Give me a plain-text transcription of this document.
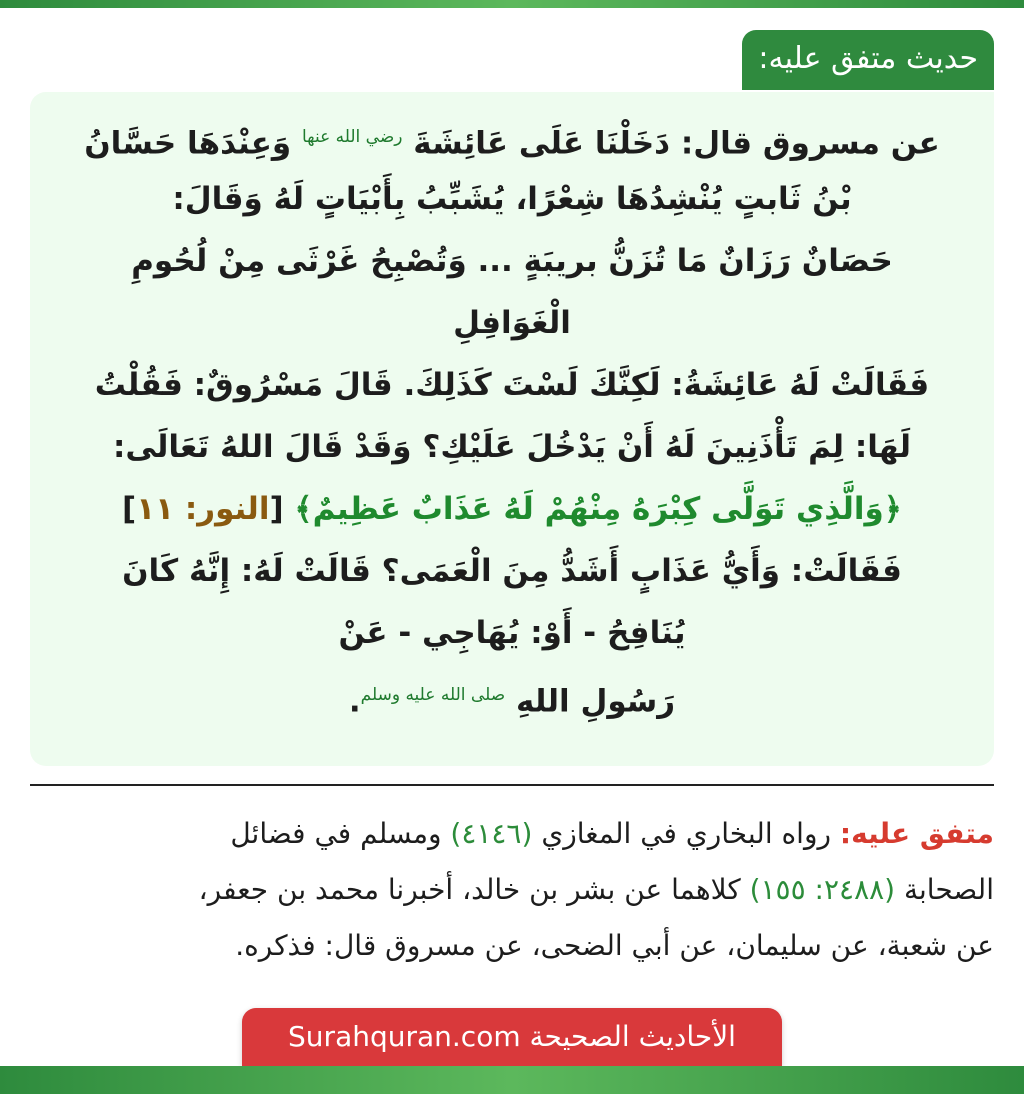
حديث متفق عليه:
عن مسروق قال: دَخَلْنَا عَلَى عَائِشَةَ $^{رضي الله عنها}$ وَعِنْدَهَا حَسَّانُ
بْنُ ثَابتٍ يُنْشِدُهَا شِعْرًا، يُشَبِّبُ بِأَبْيَاتٍ لَهُ وَقَالَ:
حَصَانٌ رَزَانٌ مَا تُزَنُّ بريبَةٍ ... وَتُصْبِحُ غَرْثَى مِنْ لُحُومِ
الْغَوَافِلِ
فَقَالَتْ لَهُ عَائِشَةُ: لَكِنَّكَ لَسْتَ كَذَلِكَ. قَالَ مَسْرُوقٌ: فَقُلْتُ
لَهَا: لِمَ تَأْذَنِينَ لَهُ أَنْ يَدْخُلَ عَلَيْكِ؟ وَقَدْ قَالَ اللهُ تَعَالَى:
﴿وَالَّذِي تَوَلَّى كِبْرَهُ مِنْهُمْ لَهُ عَذَابٌ عَظِيمٌ﴾ [النور: ١١]
فَقَالَتْ: وَأَيُّ عَذَابٍ أَشَدُّ مِنَ الْعَمَى؟ قَالَتْ لَهُ: إِنَّهُ كَانَ
يُنَافِحُ - أَوْ: يُهَاجِي - عَنْ
رَسُولِ اللهِ $^{صلى الله عليه وسلم}$.
متفق عليه: رواه البخاري في المغازي (٤١٤٦) ومسلم في فضائل
الصحابة (٢٤٨٨: ١٥٥) كلاهما عن بشر بن خالد، أخبرنا محمد بن جعفر،
عن شعبة، عن سليمان، عن أبي الضحى، عن مسروق قال: فذكره.
الأحاديث الصحيحة Surahquran.com
